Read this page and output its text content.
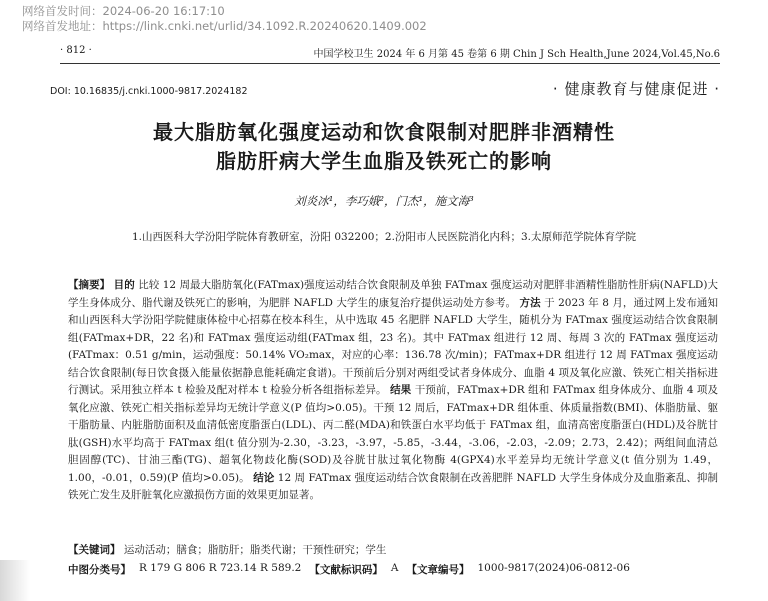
网络首发时间：2024-06-20 16:17:10
网络首发地址：https://link.cnki.net/urlid/34.1092.R.20240620.1409.002
· 812 ·	中国学校卫生 2024 年 6 月第 45 卷第 6 期 Chin J Sch Health,June 2024,Vol.45,No.6
DOI: 10.16835/j.cnki.1000-9817.2024182	· 健康教育与健康促进 ·
最大脂肪氧化强度运动和饮食限制对肥胖非酒精性
脂肪肝病大学生血脂及铁死亡的影响
刘炎冰¹，李巧娥²，门杰¹，施文海³
1.山西医科大学汾阳学院体育教研室，汾阳 032200；2.汾阳市人民医院消化内科；3.太原师范学院体育学院
【摘要】 目的 比较 12 周最大脂肪氧化(FATmax)强度运动结合饮食限制及单独 FATmax 强度运动对肥胖非酒精性脂肪性肝病(NAFLD)大学生身体成分、脂代谢及铁死亡的影响，为肥胖 NAFLD 大学生的康复治疗提供运动处方参考。 方法 于 2023 年 8 月，通过网上发布通知和山西医科大学汾阳学院健康体检中心招募在校本科生，从中选取 45 名肥胖 NAFLD 大学生，随机分为 FATmax 强度运动结合饮食限制组(FATmax+DR，22 名)和 FATmax 强度运动组(FATmax 组，23 名)。其中 FATmax 组进行 12 周、每周 3 次的 FATmax 强度运动(FATmax：0.51 g/min，运动强度：50.14% VO₂max，对应的心率：136.78 次/min)；FATmax+DR 组进行 12 周 FATmax 强度运动结合饮食限制(每日饮食摄入能量依据静息能耗确定食谱)。干预前后分别对两组受试者身体成分、血脂 4 项及氧化应激、铁死亡相关指标进行测试。采用独立样本 t 检验及配对样本 t 检验分析各组指标差异。 结果 干预前，FATmax+DR 组和 FATmax 组身体成分、血脂 4 项及氧化应激、铁死亡相关指标差异均无统计学意义(P 值均>0.05)。干预 12 周后，FATmax+DR 组体重、体质量指数(BMI)、体脂肪量、躯干脂肪量、内脏脂肪面积及血清低密度脂蛋白(LDL)、丙二醛(MDA)和铁蛋白水平均低于 FATmax 组，血清高密度脂蛋白(HDL)及谷胱甘肽(GSH)水平均高于 FATmax 组(t 值分别为-2.30，-3.23，-3.97，-5.85，-3.44，-3.06，-2.03，-2.09；2.73，2.42)；两组间血清总胆固醇(TC)、甘油三酯(TG)、超氧化物歧化酶(SOD)及谷胱甘肽过氧化物酶 4(GPX4)水平差异均无统计学意义(t 值分别为 1.49，1.00，-0.01，0.59)(P 值均>0.05)。 结论 12 周 FATmax 强度运动结合饮食限制在改善肥胖 NAFLD 大学生身体成分及血脂紊乱、抑制铁死亡发生及肝脏氧化应激损伤方面的效果更加显著。
【关键词】 运动活动；膳食；脂肪肝；脂类代谢；干预性研究；学生
中图分类号】 R 179 G 806 R 723.14 R 589.2 【文献标识码】 A 【文章编号】 1000-9817(2024)06-0812-06
